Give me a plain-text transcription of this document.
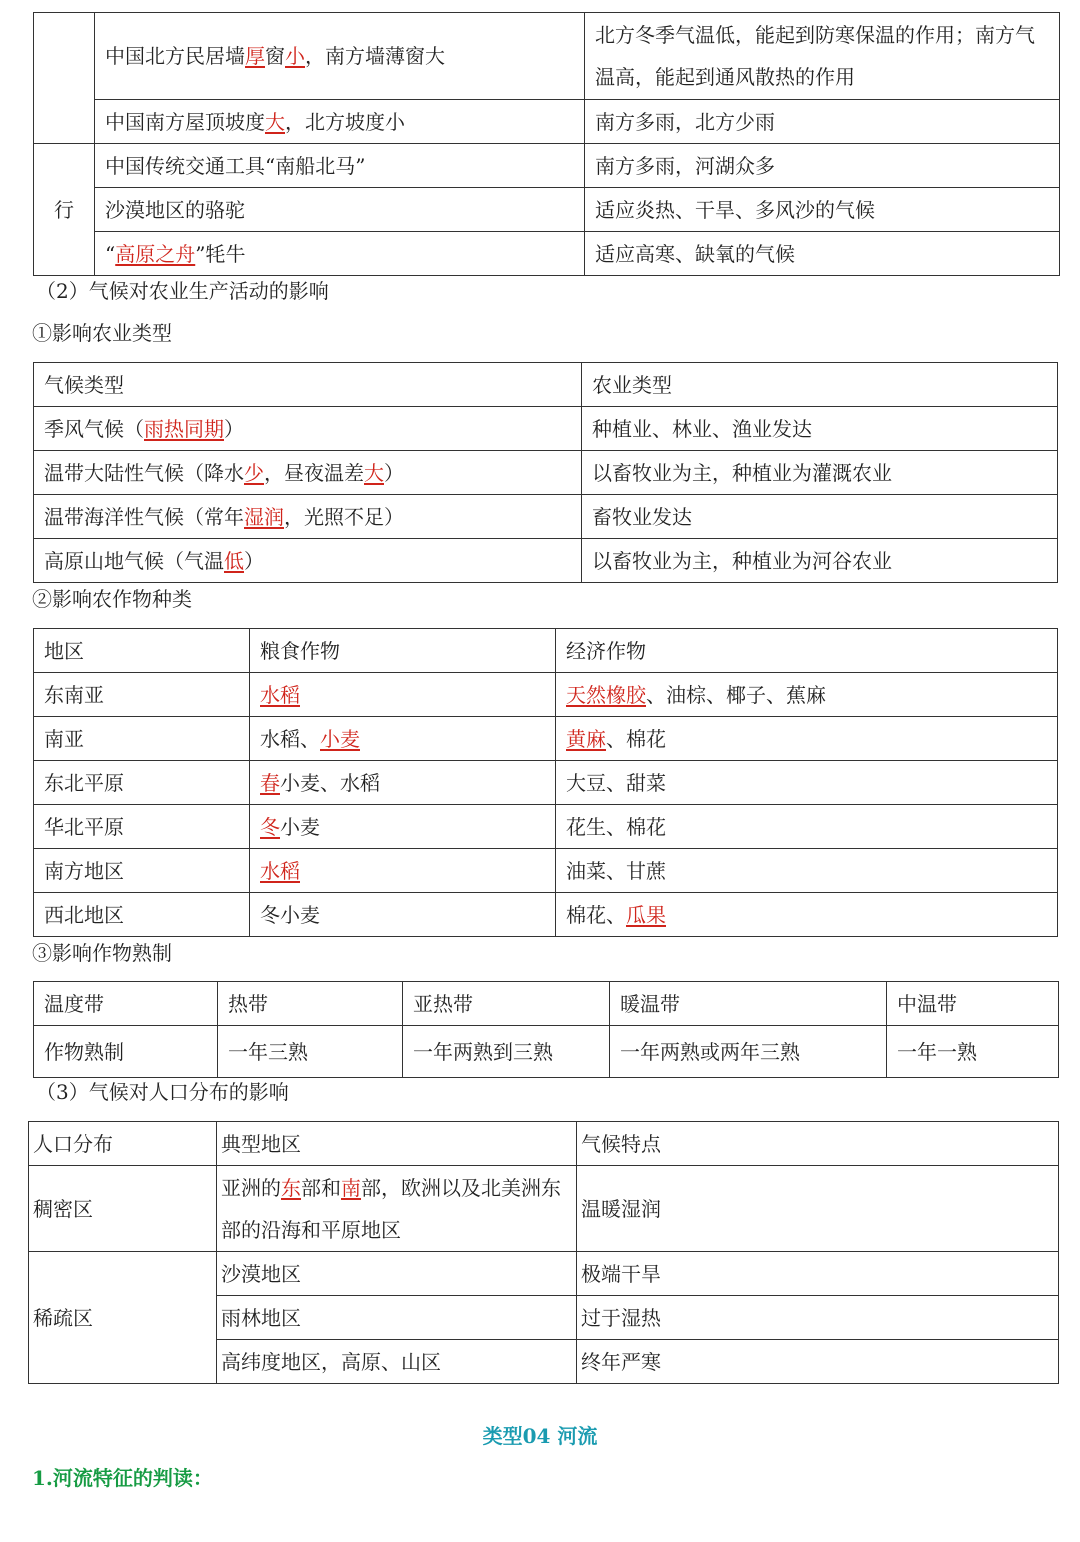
	中国北方民居墙厚窗小，南方墙薄窗大	北方冬季气温低，能起到防寒保温的作用；南方气温高，能起到通风散热的作用
	中国南方屋顶坡度大，北方坡度小	南方多雨，北方少雨
行	中国传统交通工具“南船北马”	南方多雨，河湖众多
	沙漠地区的骆驼	适应炎热、干旱、多风沙的气候
	“高原之舟”牦牛	适应高寒、缺氧的气候
（2）气候对农业生产活动的影响
①影响农业类型
气候类型	农业类型
季风气候（雨热同期）	种植业、林业、渔业发达
温带大陆性气候（降水少，昼夜温差大）	以畜牧业为主，种植业为灌溉农业
温带海洋性气候（常年湿润，光照不足）	畜牧业发达
高原山地气候（气温低）	以畜牧业为主，种植业为河谷农业
②影响农作物种类
地区	粮食作物	经济作物
东南亚	水稻	天然橡胶、油棕、椰子、蕉麻
南亚	水稻、小麦	黄麻、棉花
东北平原	春小麦、水稻	大豆、甜菜
华北平原	冬小麦	花生、棉花
南方地区	水稻	油菜、甘蔗
西北地区	冬小麦	棉花、瓜果
③影响作物熟制
温度带	热带	亚热带	暖温带	中温带
作物熟制	一年三熟	一年两熟到三熟	一年两熟或两年三熟	一年一熟
（3）气候对人口分布的影响
人口分布	典型地区	气候特点
稠密区	亚洲的东部和南部，欧洲以及北美洲东部的沿海和平原地区	温暖湿润
稀疏区	沙漠地区	极端干旱
	雨林地区	过于湿热
	高纬度地区，高原、山区	终年严寒
类型04 河流
1.河流特征的判读：
